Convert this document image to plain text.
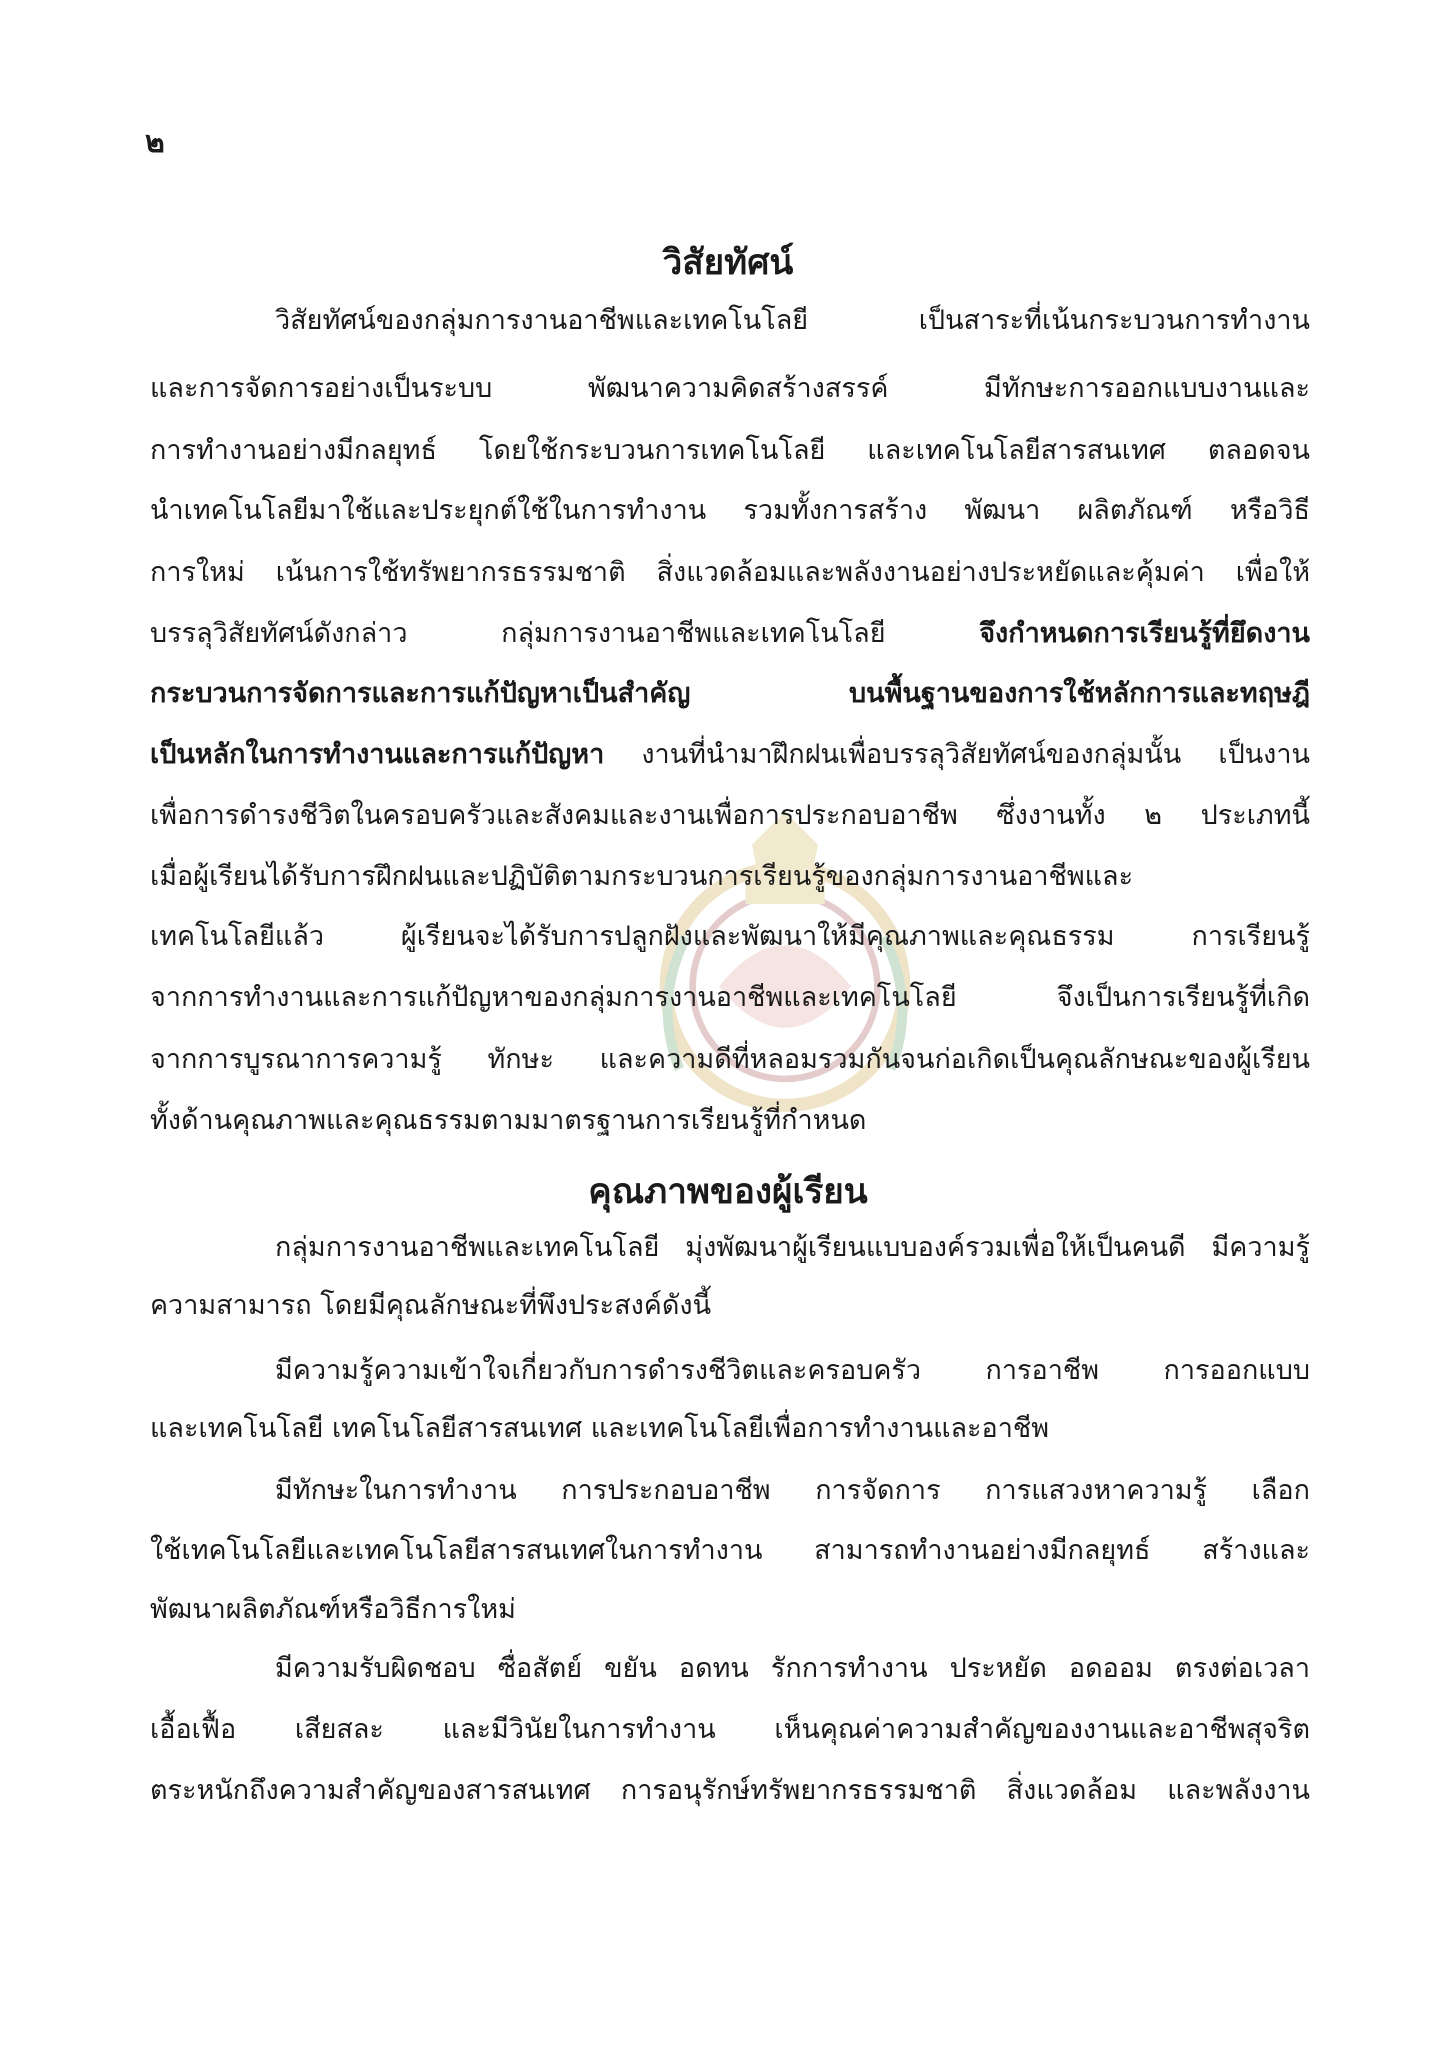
๒
วิสัยทัศน์
วิสัยทัศน์ของกลุ่มการงานอาชีพและเทคโนโลยี เป็นสาระที่เน้นกระบวนการทำงาน
และการจัดการอย่างเป็นระบบ พัฒนาความคิดสร้างสรรค์ มีทักษะการออกแบบงานและ
การทำงานอย่างมีกลยุทธ์ โดยใช้กระบวนการเทคโนโลยี และเทคโนโลยีสารสนเทศ ตลอดจน
นำเทคโนโลยีมาใช้และประยุกต์ใช้ในการทำงาน รวมทั้งการสร้าง พัฒนา ผลิตภัณฑ์ หรือวิธี
การใหม่ เน้นการใช้ทรัพยากรธรรมชาติ สิ่งแวดล้อมและพลังงานอย่างประหยัดและคุ้มค่า เพื่อให้
บรรลุวิสัยทัศน์ดังกล่าว กลุ่มการงานอาชีพและเทคโนโลยี จึงกำหนดการเรียนรู้ที่ยึดงาน
กระบวนการจัดการและการแก้ปัญหาเป็นสำคัญ บนพื้นฐานของการใช้หลักการและทฤษฎี
เป็นหลักในการทำงานและการแก้ปัญหา งานที่นำมาฝึกฝนเพื่อบรรลุวิสัยทัศน์ของกลุ่มนั้น เป็นงาน
เพื่อการดำรงชีวิตในครอบครัวและสังคมและงานเพื่อการประกอบอาชีพ ซึ่งงานทั้ง ๒ ประเภทนี้
เมื่อผู้เรียนได้รับการฝึกฝนและปฏิบัติตามกระบวนการเรียนรู้ของกลุ่มการงานอาชีพและ
เทคโนโลยีแล้ว ผู้เรียนจะได้รับการปลูกฝังและพัฒนาให้มีคุณภาพและคุณธรรม การเรียนรู้
จากการทำงานและการแก้ปัญหาของกลุ่มการงานอาชีพและเทคโนโลยี จึงเป็นการเรียนรู้ที่เกิด
จากการบูรณาการความรู้ ทักษะ และความดีที่หลอมรวมกันจนก่อเกิดเป็นคุณลักษณะของผู้เรียน
ทั้งด้านคุณภาพและคุณธรรมตามมาตรฐานการเรียนรู้ที่กำหนด
คุณภาพของผู้เรียน
กลุ่มการงานอาชีพและเทคโนโลยี มุ่งพัฒนาผู้เรียนแบบองค์รวมเพื่อให้เป็นคนดี มีความรู้
ความสามารถ โดยมีคุณลักษณะที่พึงประสงค์ดังนี้
มีความรู้ความเข้าใจเกี่ยวกับการดำรงชีวิตและครอบครัว การอาชีพ การออกแบบ
และเทคโนโลยี เทคโนโลยีสารสนเทศ และเทคโนโลยีเพื่อการทำงานและอาชีพ
มีทักษะในการทำงาน การประกอบอาชีพ การจัดการ การแสวงหาความรู้ เลือก
ใช้เทคโนโลยีและเทคโนโลยีสารสนเทศในการทำงาน สามารถทำงานอย่างมีกลยุทธ์ สร้างและ
พัฒนาผลิตภัณฑ์หรือวิธีการใหม่
มีความรับผิดชอบ ซื่อสัตย์ ขยัน อดทน รักการทำงาน ประหยัด อดออม ตรงต่อเวลา
เอื้อเฟื้อ เสียสละ และมีวินัยในการทำงาน เห็นคุณค่าความสำคัญของงานและอาชีพสุจริต
ตระหนักถึงความสำคัญของสารสนเทศ การอนุรักษ์ทรัพยากรธรรมชาติ สิ่งแวดล้อม และพลังงาน
